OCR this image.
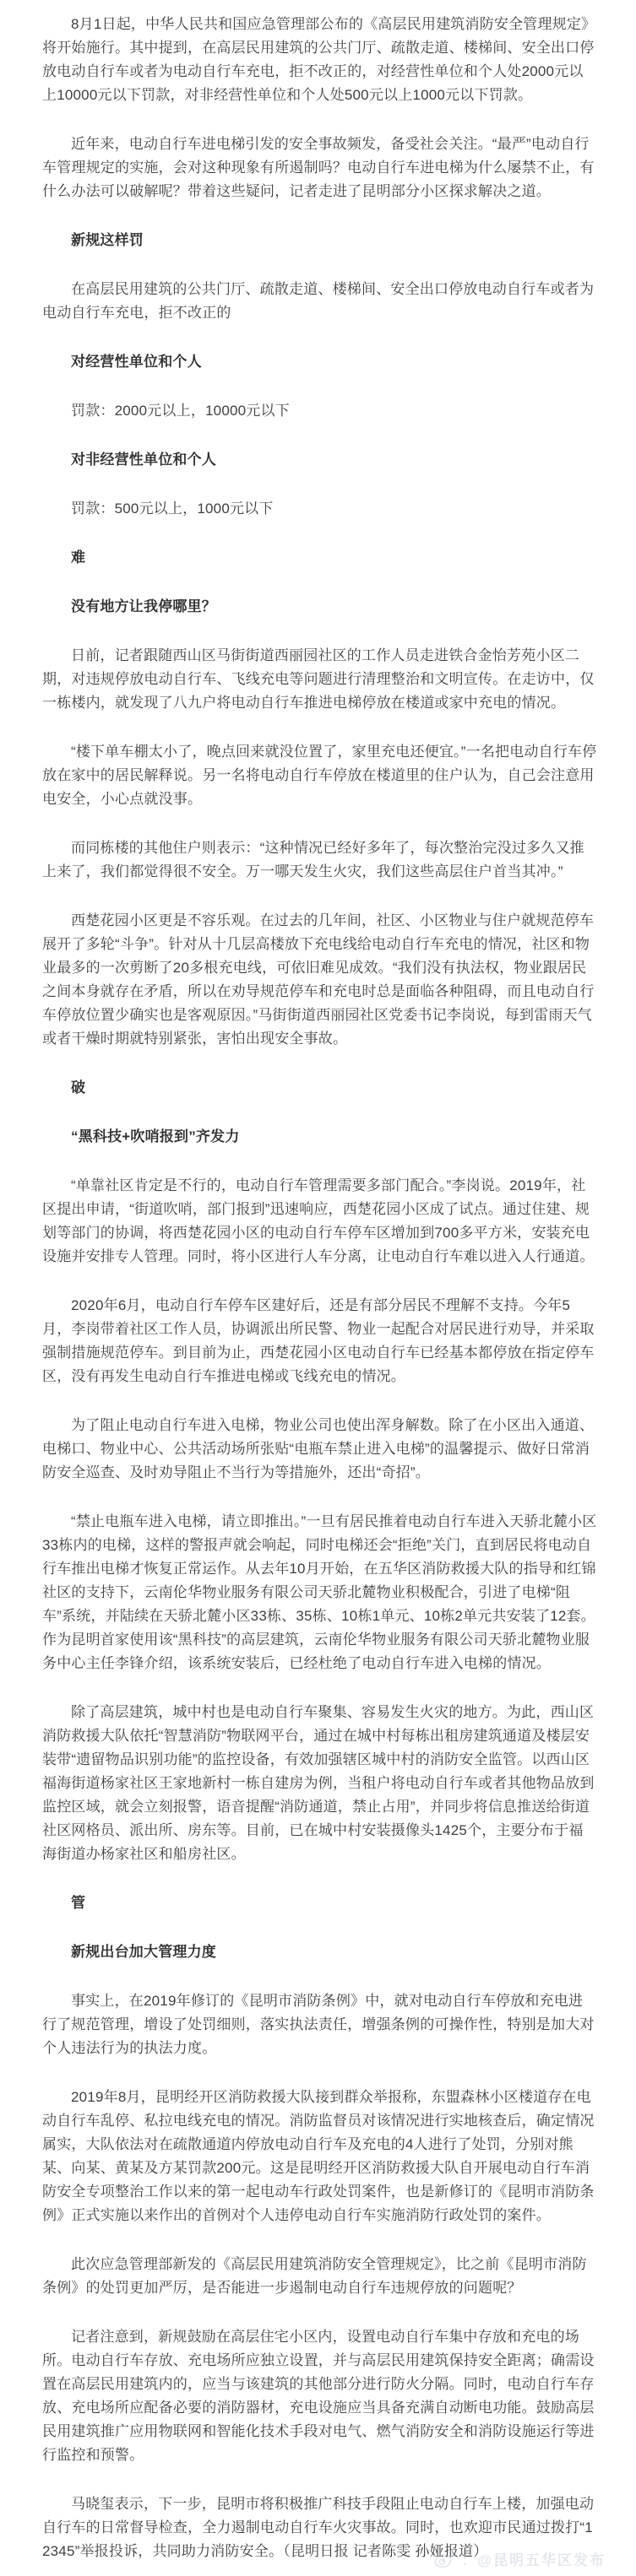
8月1日起，中华人民共和国应急管理部公布的《高层民用建筑消防安全管理规定》将开始施行。其中提到，在高层民用建筑的公共门厅、疏散走道、楼梯间、安全出口停放电动自行车或者为电动自行车充电，拒不改正的，对经营性单位和个人处2000元以上10000元以下罚款，对非经营性单位和个人处500元以上1000元以下罚款。

近年来，电动自行车进电梯引发的安全事故频发，备受社会关注。“最严”电动自行车管理规定的实施，会对这种现象有所遏制吗？电动自行车进电梯为什么屡禁不止，有什么办法可以破解呢？带着这些疑问，记者走进了昆明部分小区探求解决之道。

新规这样罚

在高层民用建筑的公共门厅、疏散走道、楼梯间、安全出口停放电动自行车或者为电动自行车充电，拒不改正的

对经营性单位和个人

罚款：2000元以上，10000元以下

对非经营性单位和个人

罚款：500元以上，1000元以下

难
没有地方让我停哪里？

日前，记者跟随西山区马街街道西丽园社区的工作人员走进铁合金怡芳苑小区二期，对违规停放电动自行车、飞线充电等问题进行清理整治和文明宣传。在走访中，仅一栋楼内，就发现了八九户将电动自行车推进电梯停放在楼道或家中充电的情况。

“楼下单车棚太小了，晚点回来就没位置了，家里充电还便宜。”一名把电动自行车停放在家中的居民解释说。另一名将电动自行车停放在楼道里的住户认为，自己会注意用电安全，小心点就没事。

而同栋楼的其他住户则表示：“这种情况已经好多年了，每次整治完没过多久又推上来了，我们都觉得很不安全。万一哪天发生火灾，我们这些高层住户首当其冲。”

西楚花园小区更是不容乐观。在过去的几年间，社区、小区物业与住户就规范停车展开了多轮“斗争”。针对从十几层高楼放下充电线给电动自行车充电的情况，社区和物业最多的一次剪断了20多根充电线，可依旧难见成效。“我们没有执法权，物业跟居民之间本身就存在矛盾，所以在劝导规范停车和充电时总是面临各种阻碍，而且电动自行车停放位置少确实也是客观原因。”马街街道西丽园社区党委书记李岗说，每到雷雨天气或者干燥时期就特别紧张，害怕出现安全事故。

破
“黑科技+吹哨报到”齐发力

“单靠社区肯定是不行的，电动自行车管理需要多部门配合。”李岗说。2019年，社区提出申请，“街道吹哨，部门报到”迅速响应，西楚花园小区成了试点。通过住建、规划等部门的协调，将西楚花园小区的电动自行车停车区增加到700多平方米，安装充电设施并安排专人管理。同时，将小区进行人车分离，让电动自行车难以进入人行通道。

2020年6月，电动自行车停车区建好后，还是有部分居民不理解不支持。今年5月，李岗带着社区工作人员，协调派出所民警、物业一起配合对居民进行劝导，并采取强制措施规范停车。到目前为止，西楚花园小区电动自行车已经基本都停放在指定停车区，没有再发生电动自行车推进电梯或飞线充电的情况。

为了阻止电动自行车进入电梯，物业公司也使出浑身解数。除了在小区出入通道、电梯口、物业中心、公共活动场所张贴“电瓶车禁止进入电梯”的温馨提示、做好日常消防安全巡查、及时劝导阻止不当行为等措施外，还出“奇招”。

“禁止电瓶车进入电梯，请立即推出。”一旦有居民推着电动自行车进入天骄北麓小区33栋内的电梯，这样的警报声就会响起，同时电梯还会“拒绝”关门，直到居民将电动自行车推出电梯才恢复正常运作。从去年10月开始，在五华区消防救援大队的指导和红锦社区的支持下，云南伦华物业服务有限公司天骄北麓物业积极配合，引进了电梯“阻车”系统，并陆续在天骄北麓小区33栋、35栋、10栋1单元、10栋2单元共安装了12套。作为昆明首家使用该“黑科技”的高层建筑，云南伦华物业服务有限公司天骄北麓物业服务中心主任李锋介绍，该系统安装后，已经杜绝了电动自行车进入电梯的情况。

除了高层建筑，城中村也是电动自行车聚集、容易发生火灾的地方。为此，西山区消防救援大队依托“智慧消防”物联网平台，通过在城中村每栋出租房建筑通道及楼层安装带“遗留物品识别功能”的监控设备，有效加强辖区城中村的消防安全监管。以西山区福海街道杨家社区王家地新村一栋自建房为例，当租户将电动自行车或者其他物品放到监控区域，就会立刻报警，语音提醒“消防通道，禁止占用”，并同步将信息推送给街道社区网格员、派出所、房东等。目前，已在城中村安装摄像头1425个，主要分布于福海街道办杨家社区和船房社区。

管
新规出台加大管理力度

事实上，在2019年修订的《昆明市消防条例》中，就对电动自行车停放和充电进行了规范管理，增设了处罚细则，落实执法责任，增强条例的可操作性，特别是加大对个人违法行为的执法力度。

2019年8月，昆明经开区消防救援大队接到群众举报称，东盟森林小区楼道存在电动自行车乱停、私拉电线充电的情况。消防监督员对该情况进行实地核查后，确定情况属实，大队依法对在疏散通道内停放电动自行车及充电的4人进行了处罚，分别对熊某、向某、黄某及方某罚款200元。这是昆明经开区消防救援大队自开展电动自行车消防安全专项整治工作以来的第一起电动车行政处罚案件，也是新修订的《昆明市消防条例》正式实施以来作出的首例对个人违停电动自行车实施消防行政处罚的案件。

此次应急管理部新发的《高层民用建筑消防安全管理规定》，比之前《昆明市消防条例》的处罚更加严厉，是否能进一步遏制电动自行车违规停放的问题呢？

记者注意到，新规鼓励在高层住宅小区内，设置电动自行车集中存放和充电的场所。电动自行车存放、充电场所应独立设置，并与高层民用建筑保持安全距离；确需设置在高层民用建筑内的，应当与该建筑的其他部分进行防火分隔。同时，电动自行车存放、充电场所应配备必要的消防器材，充电设施应当具备充满自动断电功能。鼓励高层民用建筑推广应用物联网和智能化技术手段对电气、燃气消防安全和消防设施运行等进行监控和预警。

马晓玺表示，下一步，昆明市将积极推广科技手段阻止电动自行车上楼，加强电动自行车的日常督导检查，全力遏制电动自行车火灾事故。同时，也欢迎市民通过拨打“12345”举报投诉，共同助力消防安全。（昆明日报 记者陈雯 孙娅报道）

：@昆明五华区发布
